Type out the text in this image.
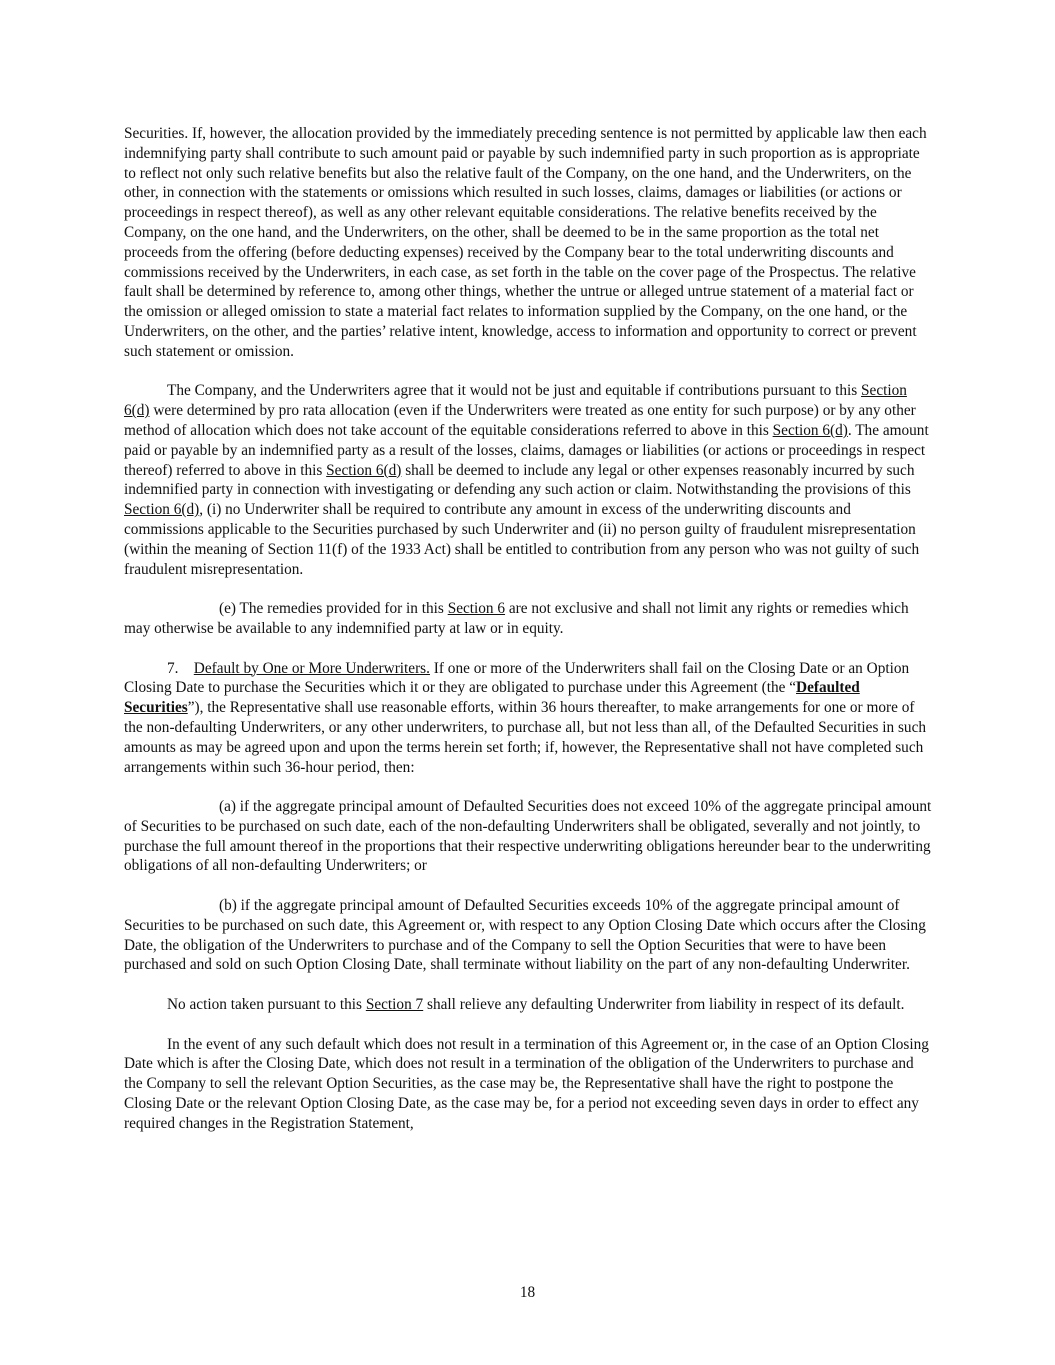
Securities. If, however, the allocation provided by the immediately preceding sentence is not permitted by applicable law then each indemnifying party shall contribute to such amount paid or payable by such indemnified party in such proportion as is appropriate to reflect not only such relative benefits but also the relative fault of the Company, on the one hand, and the Underwriters, on the other, in connection with the statements or omissions which resulted in such losses, claims, damages or liabilities (or actions or proceedings in respect thereof), as well as any other relevant equitable considerations. The relative benefits received by the Company, on the one hand, and the Underwriters, on the other, shall be deemed to be in the same proportion as the total net proceeds from the offering (before deducting expenses) received by the Company bear to the total underwriting discounts and commissions received by the Underwriters, in each case, as set forth in the table on the cover page of the Prospectus. The relative fault shall be determined by reference to, among other things, whether the untrue or alleged untrue statement of a material fact or the omission or alleged omission to state a material fact relates to information supplied by the Company, on the one hand, or the Underwriters, on the other, and the parties’ relative intent, knowledge, access to information and opportunity to correct or prevent such statement or omission.

The Company, and the Underwriters agree that it would not be just and equitable if contributions pursuant to this Section 6(d) were determined by pro rata allocation (even if the Underwriters were treated as one entity for such purpose) or by any other method of allocation which does not take account of the equitable considerations referred to above in this Section 6(d). The amount paid or payable by an indemnified party as a result of the losses, claims, damages or liabilities (or actions or proceedings in respect thereof) referred to above in this Section 6(d) shall be deemed to include any legal or other expenses reasonably incurred by such indemnified party in connection with investigating or defending any such action or claim. Notwithstanding the provisions of this Section 6(d), (i) no Underwriter shall be required to contribute any amount in excess of the underwriting discounts and commissions applicable to the Securities purchased by such Underwriter and (ii) no person guilty of fraudulent misrepresentation (within the meaning of Section 11(f) of the 1933 Act) shall be entitled to contribution from any person who was not guilty of such fraudulent misrepresentation.

(e) The remedies provided for in this Section 6 are not exclusive and shall not limit any rights or remedies which may otherwise be available to any indemnified party at law or in equity.

7.    Default by One or More Underwriters. If one or more of the Underwriters shall fail on the Closing Date or an Option Closing Date to purchase the Securities which it or they are obligated to purchase under this Agreement (the “Defaulted Securities”), the Representative shall use reasonable efforts, within 36 hours thereafter, to make arrangements for one or more of the non-defaulting Underwriters, or any other underwriters, to purchase all, but not less than all, of the Defaulted Securities in such amounts as may be agreed upon and upon the terms herein set forth; if, however, the Representative shall not have completed such arrangements within such 36-hour period, then:

(a) if the aggregate principal amount of Defaulted Securities does not exceed 10% of the aggregate principal amount of Securities to be purchased on such date, each of the non-defaulting Underwriters shall be obligated, severally and not jointly, to purchase the full amount thereof in the proportions that their respective underwriting obligations hereunder bear to the underwriting obligations of all non-defaulting Underwriters; or

(b) if the aggregate principal amount of Defaulted Securities exceeds 10% of the aggregate principal amount of Securities to be purchased on such date, this Agreement or, with respect to any Option Closing Date which occurs after the Closing Date, the obligation of the Underwriters to purchase and of the Company to sell the Option Securities that were to have been purchased and sold on such Option Closing Date, shall terminate without liability on the part of any non-defaulting Underwriter.

No action taken pursuant to this Section 7 shall relieve any defaulting Underwriter from liability in respect of its default.

In the event of any such default which does not result in a termination of this Agreement or, in the case of an Option Closing Date which is after the Closing Date, which does not result in a termination of the obligation of the Underwriters to purchase and the Company to sell the relevant Option Securities, as the case may be, the Representative shall have the right to postpone the Closing Date or the relevant Option Closing Date, as the case may be, for a period not exceeding seven days in order to effect any required changes in the Registration Statement,

18
